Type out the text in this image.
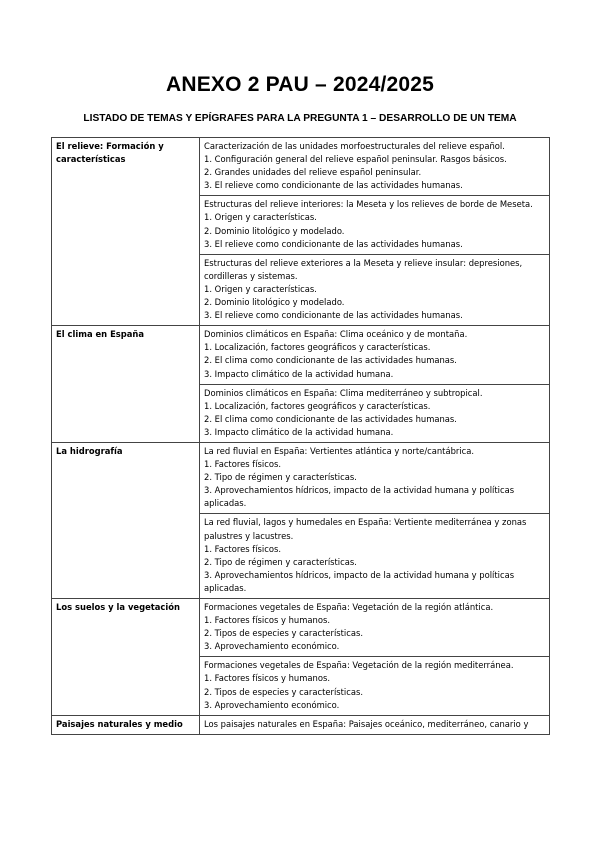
ANEXO 2 PAU – 2024/2025
LISTADO DE TEMAS Y EPÍGRAFES PARA LA PREGUNTA 1 – DESARROLLO DE UN TEMA
El relieve: Formación y características	Caracterización de las unidades morfoestructurales del relieve español.
1. Configuración general del relieve español peninsular. Rasgos básicos.
2. Grandes unidades del relieve español peninsular.
3. El relieve como condicionante de las actividades humanas.

	Estructuras del relieve interiores: la Meseta y los relieves de borde de Meseta.
1. Origen y características.
2. Dominio litológico y modelado.
3. El relieve como condicionante de las actividades humanas.

	Estructuras del relieve exteriores a la Meseta y relieve insular: depresiones, cordilleras y sistemas.
1. Origen y características.
2. Dominio litológico y modelado.
3. El relieve como condicionante de las actividades humanas.

El clima en España	Dominios climáticos en España: Clima oceánico y de montaña.
1. Localización, factores geográficos y características.
2. El clima como condicionante de las actividades humanas.
3. Impacto climático de la actividad humana.

	Dominios climáticos en España: Clima mediterráneo y subtropical.
1. Localización, factores geográficos y características.
2. El clima como condicionante de las actividades humanas.
3. Impacto climático de la actividad humana.

La hidrografía	La red fluvial en España: Vertientes atlántica y norte/cantábrica.
1. Factores físicos.
2. Tipo de régimen y características.
3. Aprovechamientos hídricos, impacto de la actividad humana y políticas aplicadas.

	La red fluvial, lagos y humedales en España: Vertiente mediterránea y zonas palustres y lacustres.
1. Factores físicos.
2. Tipo de régimen y características.
3. Aprovechamientos hídricos, impacto de la actividad humana y políticas aplicadas.

Los suelos y la vegetación	Formaciones vegetales de España: Vegetación de la región atlántica.
1. Factores físicos y humanos.
2. Tipos de especies y características.
3. Aprovechamiento económico.

	Formaciones vegetales de España: Vegetación de la región mediterránea.
1. Factores físicos y humanos.
2. Tipos de especies y características.
3. Aprovechamiento económico.

Paisajes naturales y medio	Los paisajes naturales en España: Paisajes oceánico, mediterráneo, canario y
